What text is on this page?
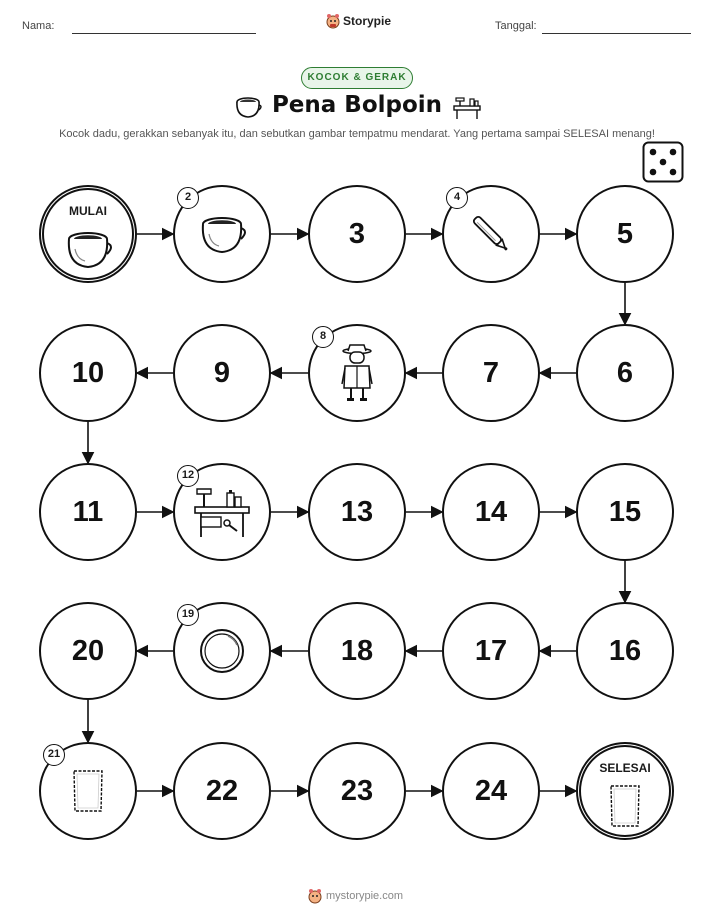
Nama:	Storypie	Tanggal:
KOCOK & GERAK
Pena Bolpoin
Kocok dadu, gerakkan sebanyak itu, dan sebutkan gambar tempatmu mendarat. Yang pertama sampai SELESAI menang!
MULAI
2
3
4
5
6
7
8
9
10
11
12
13	14	15
16
17
18
19
20
21
22	23	24
SELESAI
mystorypie.com
